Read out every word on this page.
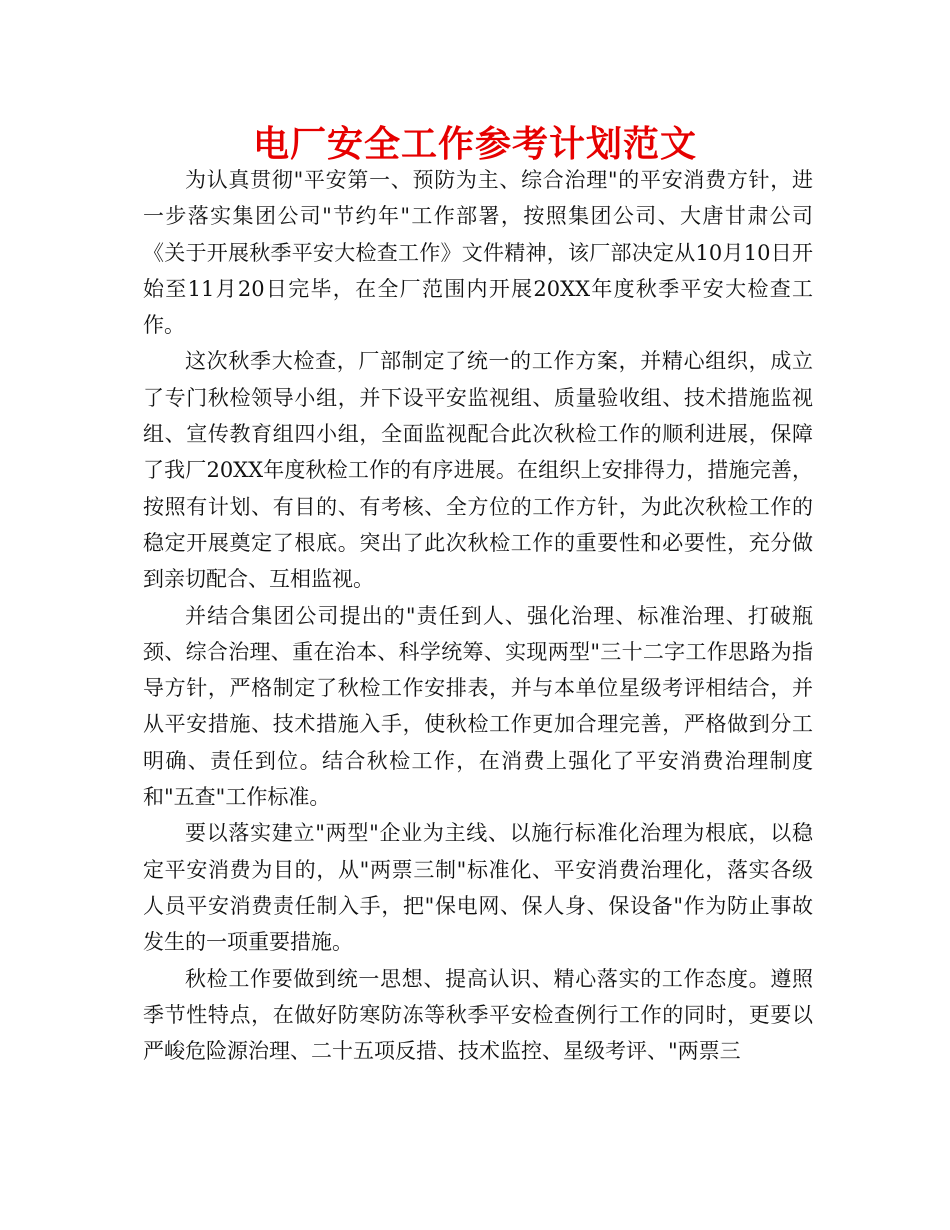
电厂安全工作参考计划范文

为认真贯彻"平安第一、预防为主、综合治理"的平安消费方针，进一步落实集团公司"节约年"工作部署，按照集团公司、大唐甘肃公司《关于开展秋季平安大检查工作》文件精神，该厂部决定从10月10日开始至11月20日完毕，在全厂范围内开展20XX年度秋季平安大检查工作。

这次秋季大检查，厂部制定了统一的工作方案，并精心组织，成立了专门秋检领导小组，并下设平安监视组、质量验收组、技术措施监视组、宣传教育组四小组，全面监视配合此次秋检工作的顺利进展，保障了我厂20XX年度秋检工作的有序进展。在组织上安排得力，措施完善，按照有计划、有目的、有考核、全方位的工作方针，为此次秋检工作的稳定开展奠定了根底。突出了此次秋检工作的重要性和必要性，充分做到亲切配合、互相监视。

并结合集团公司提出的"责任到人、强化治理、标准治理、打破瓶颈、综合治理、重在治本、科学统筹、实现两型"三十二字工作思路为指导方针，严格制定了秋检工作安排表，并与本单位星级考评相结合，并从平安措施、技术措施入手，使秋检工作更加合理完善，严格做到分工明确、责任到位。结合秋检工作，在消费上强化了平安消费治理制度和"五查"工作标准。

要以落实建立"两型"企业为主线、以施行标准化治理为根底，以稳定平安消费为目的，从"两票三制"标准化、平安消费治理化，落实各级人员平安消费责任制入手，把"保电网、保人身、保设备"作为防止事故发生的一项重要措施。

秋检工作要做到统一思想、提高认识、精心落实的工作态度。遵照季节性特点，在做好防寒防冻等秋季平安检查例行工作的同时，更要以严峻危险源治理、二十五项反措、技术监控、星级考评、"两票三
